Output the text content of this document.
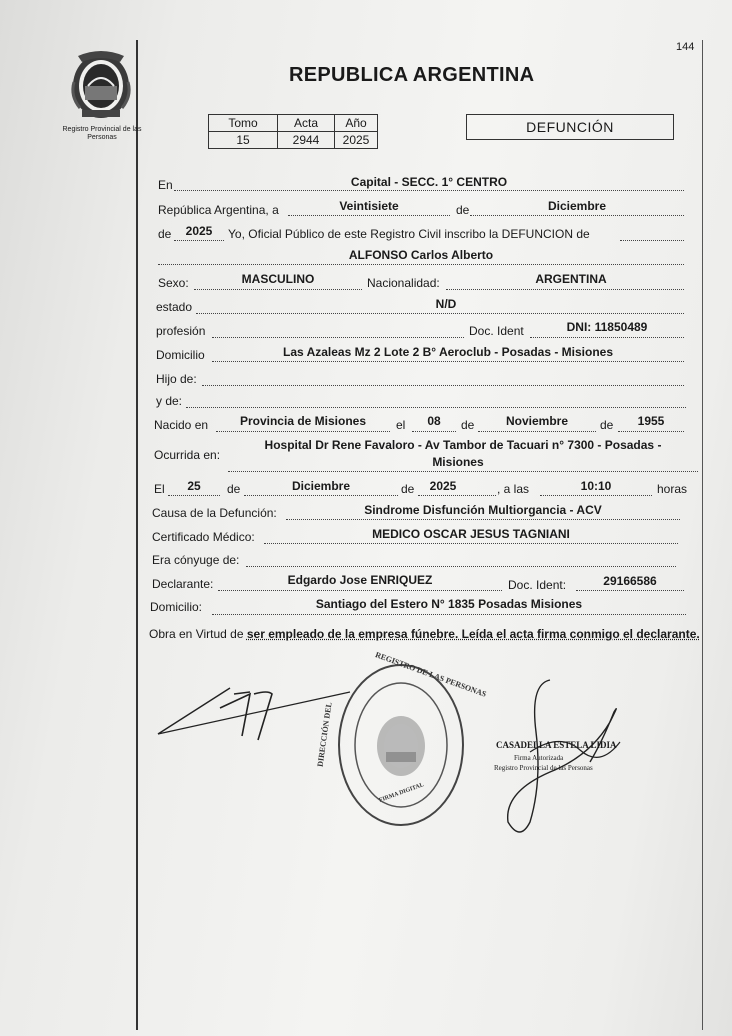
144
Registro Provincial de las Personas
REPUBLICA ARGENTINA
Tomo	Acta	Año
15	2944	2025
DEFUNCIÓN
En	Capital - SECC. 1° CENTRO
República Argentina, a	Veintisiete	de	Diciembre
de	2025	Yo, Oficial Público de este Registro Civil inscribo la DEFUNCION de
ALFONSO Carlos Alberto
Sexo:	MASCULINO	Nacionalidad:	ARGENTINA
estado	N/D
profesión	Doc. Ident	DNI: 11850489
Domicilio	Las Azaleas Mz 2 Lote 2 B° Aeroclub - Posadas - Misiones
Hijo de:
y de:
Nacido en	Provincia de Misiones	el	08	de	Noviembre	de	1955
Ocurrida en:
Hospital Dr Rene Favaloro - Av Tambor de Tacuari n° 7300 - Posadas -
Misiones
El	25	de	Diciembre	de	2025	, a las	10:10	horas
Causa de la Defunción:	Sindrome Disfunción Multiorgancia - ACV
Certificado Médico:	MEDICO OSCAR JESUS TAGNIANI
Era cónyuge de:
Declarante:	Edgardo Jose ENRIQUEZ	Doc. Ident:	29166586
Domicilio:	Santiago del Estero N° 1835 Posadas Misiones
Obra en Virtud de ser empleado de la empresa fúnebre. Leída el acta firma conmigo el declarante.
REGISTRO DE LAS PERSONAS
DIRECCIÓN DEL
FIRMA DIGITAL
CASADELLA ESTELA LIDIA
Firma Autorizada
Registro Provincial de las Personas
